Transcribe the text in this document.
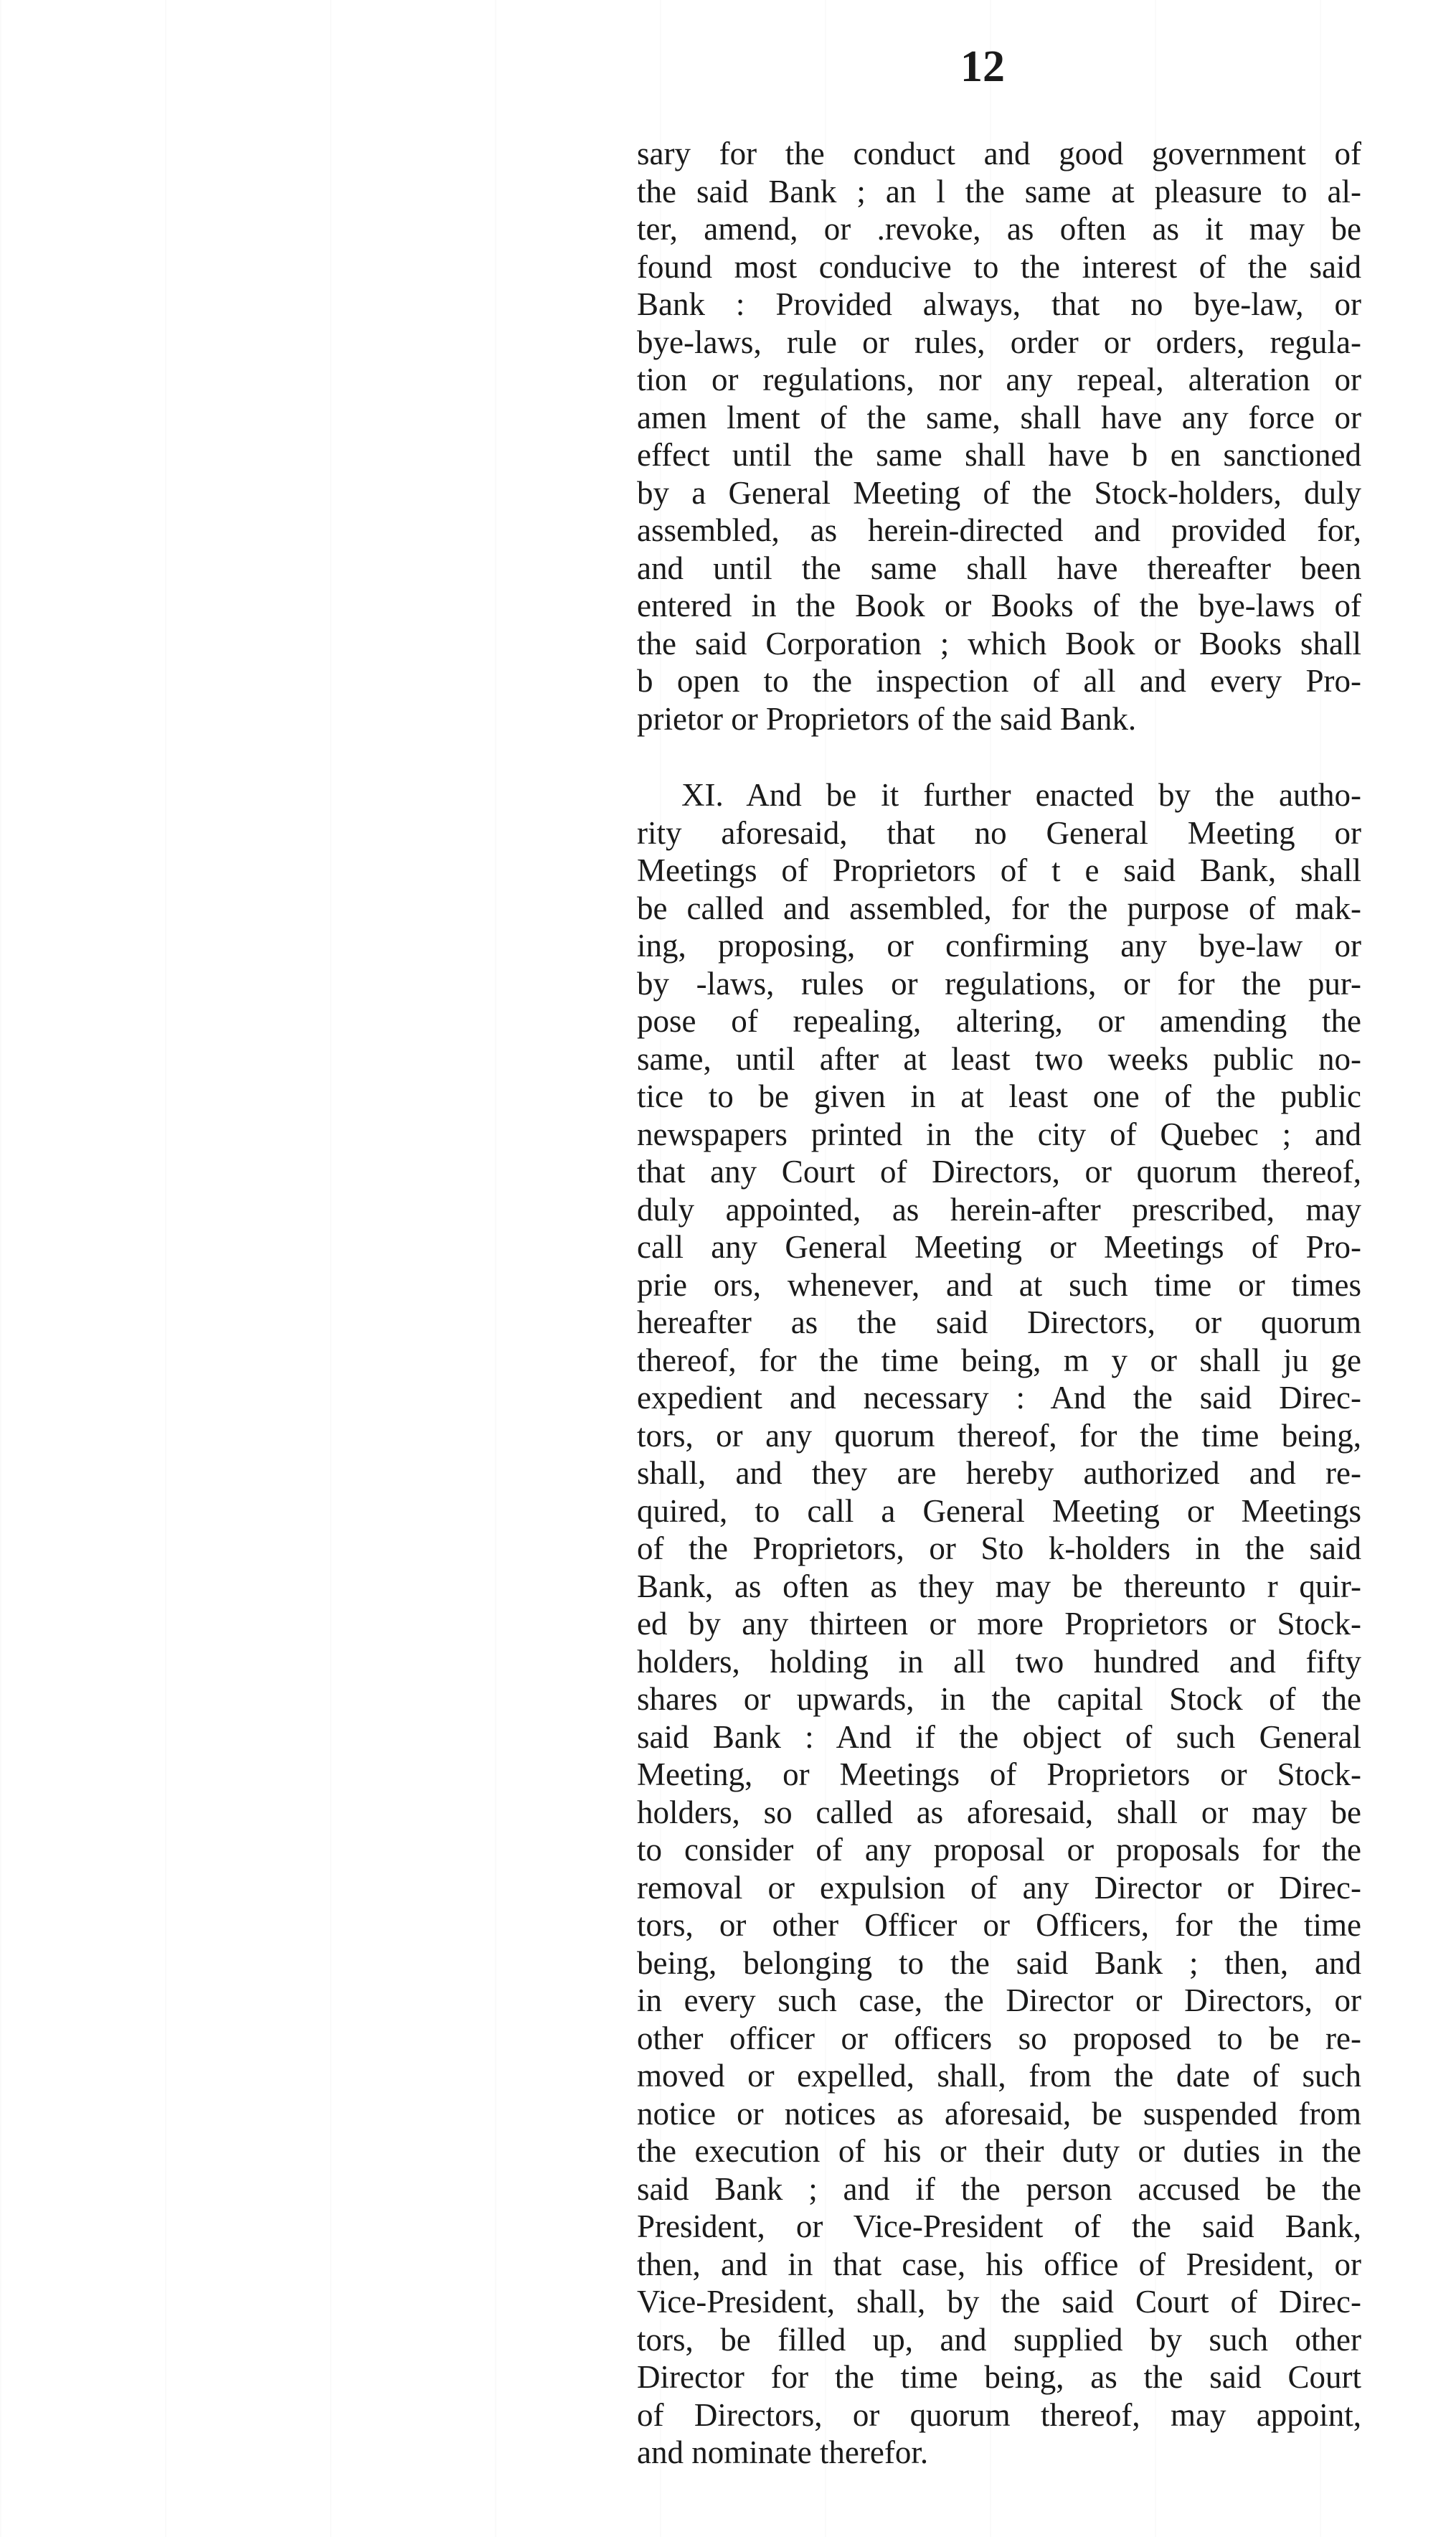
12
sary for the conduct and good government of
the said Bank ; an l the same at pleasure to al-
ter, amend, or .revoke, as often as it may be
found most conducive to the interest of the said
Bank : Provided always, that no bye-law, or
bye-laws, rule or rules, order or orders, regula-
tion or regulations, nor any repeal, alteration or
amen lment of the same, shall have any force or
effect until the same shall have b en sanctioned
by a General Meeting of the Stock-holders, duly
assembled, as herein-directed and provided for,
and until the same shall have thereafter been
entered in the Book or Books of the bye-laws of
the said Corporation ; which Book or Books shall
b open to the inspection of all and every Pro-
prietor or Proprietors of the said Bank.
XI. And be it further enacted by the autho-
rity aforesaid, that no General Meeting or
Meetings of Proprietors of t e said Bank, shall
be called and assembled, for the purpose of mak-
ing, proposing, or confirming any bye-law or
by -laws, rules or regulations, or for the pur-
pose of repealing, altering, or amending the
same, until after at least two weeks public no-
tice to be given in at least one of the public
newspapers printed in the city of Quebec ; and
that any Court of Directors, or quorum thereof,
duly appointed, as herein-after prescribed, may
call any General Meeting or Meetings of Pro-
prie ors, whenever, and at such time or times
hereafter as the said Directors, or quorum
thereof, for the time being, m y or shall ju ge
expedient and necessary : And the said Direc-
tors, or any quorum thereof, for the time being,
shall, and they are hereby authorized and re-
quired, to call a General Meeting or Meetings
of the Proprietors, or Sto k-holders in the said
Bank, as often as they may be thereunto r quir-
ed by any thirteen or more Proprietors or Stock-
holders, holding in all two hundred and fifty
shares or upwards, in the capital Stock of the
said Bank : And if the object of such General
Meeting, or Meetings of Proprietors or Stock-
holders, so called as aforesaid, shall or may be
to consider of any proposal or proposals for the
removal or expulsion of any Director or Direc-
tors, or other Officer or Officers, for the time
being, belonging to the said Bank ; then, and
in every such case, the Director or Directors, or
other officer or officers so proposed to be re-
moved or expelled, shall, from the date of such
notice or notices as aforesaid, be suspended from
the execution of his or their duty or duties in the
said Bank ; and if the person accused be the
President, or Vice-President of the said Bank,
then, and in that case, his office of President, or
Vice-President, shall, by the said Court of Direc-
tors, be filled up, and supplied by such other
Director for the time being, as the said Court
of Directors, or quorum thereof, may appoint,
and nominate therefor.
